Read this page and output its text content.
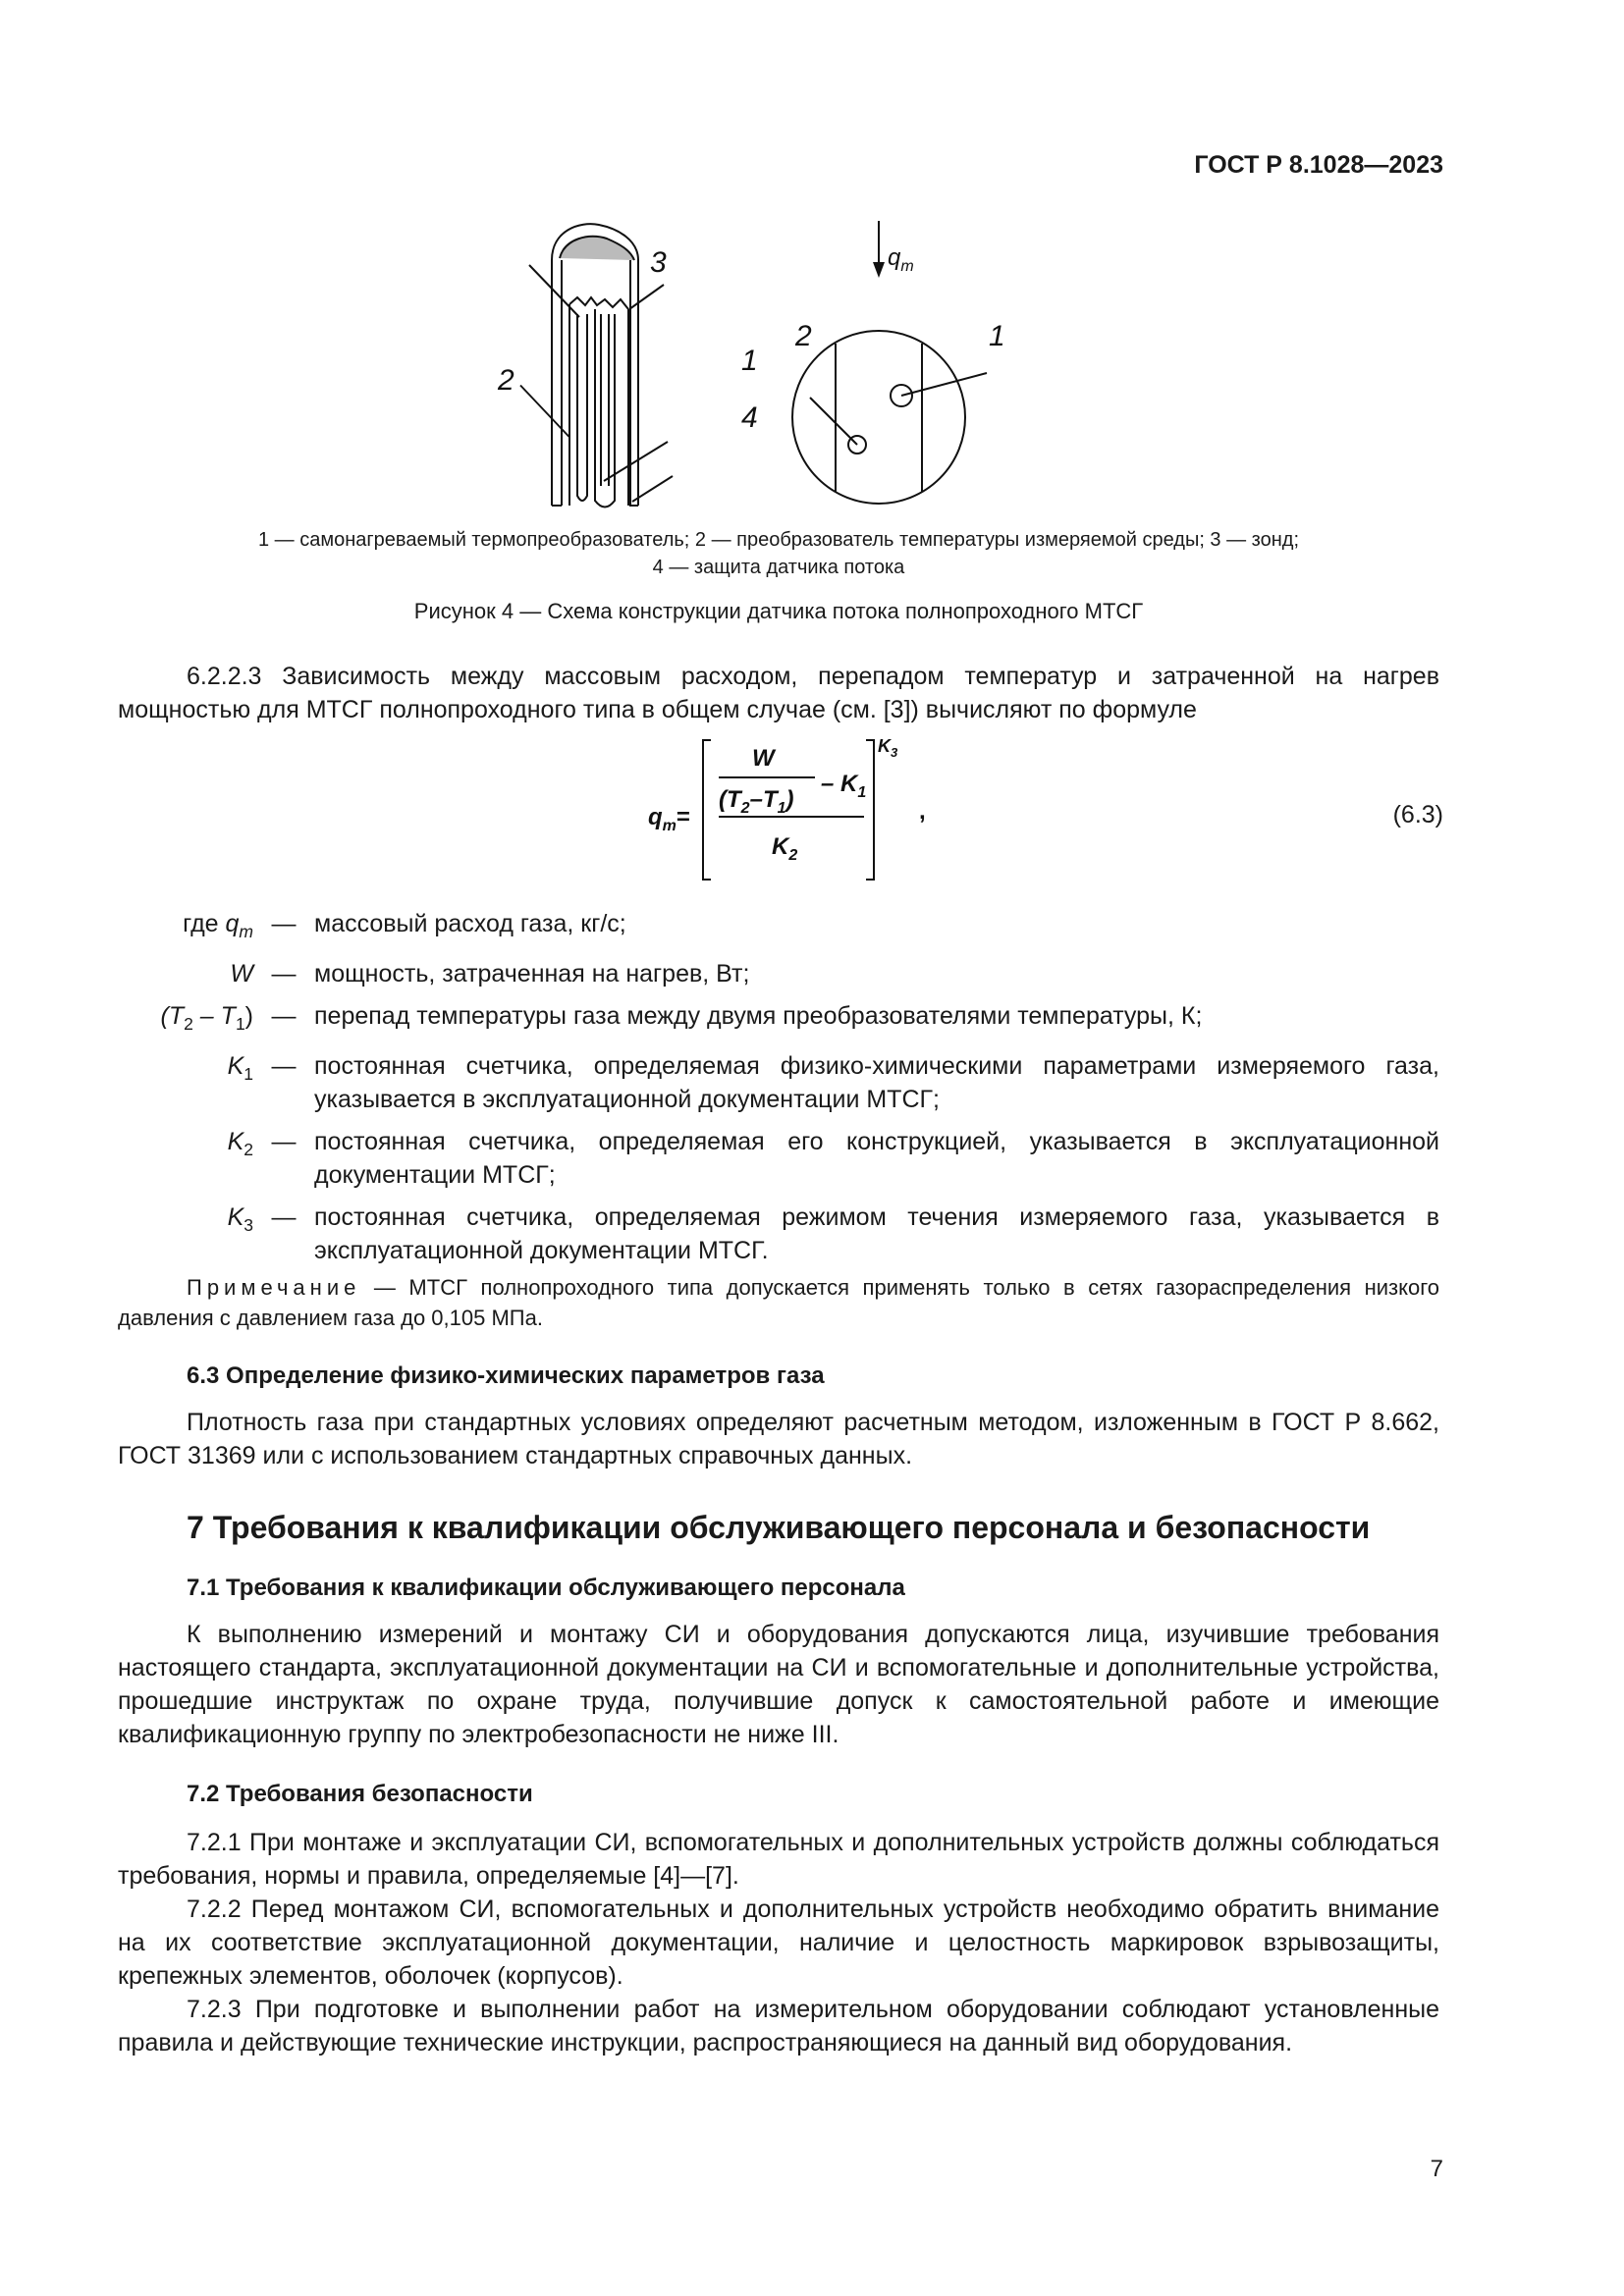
ГОСТ Р 8.1028—2023
3
1
2
4
1
2
$q_m$
1 — самонагреваемый термопреобразователь; 2 — преобразователь температуры измеряемой среды; 3 — зонд;
4 — защита датчика потока
Рисунок 4 — Схема конструкции датчика потока полнопроходного МТСГ
6.2.2.3 Зависимость между массовым расходом, перепадом температур и затраченной на нагрев мощностью для МТСГ полнопроходного типа в общем случае (см. [3]) вычисляют по формуле
$q_m=$
W
$(T_2-T_1)$
– $K_1$
$K_2$
$K_3$
,	(6.3)
где $q_m$ — массовый расход газа, кг/с;
W — мощность, затраченная на нагрев, Вт;
$(T_2 - T_1)$ — перепад температуры газа между двумя преобразователями температуры, К;
$K_1$ — постоянная счетчика, определяемая физико-химическими параметрами измеряемого газа, указывается в эксплуатационной документации МТСГ;
$K_2$ — постоянная счетчика, определяемая его конструкцией, указывается в эксплуатационной документации МТСГ;
$K_3$ — постоянная счетчика, определяемая режимом течения измеряемого газа, указывается в эксплуатационной документации МТСГ.
Примечание — МТСГ полнопроходного типа допускается применять только в сетях газораспределения низкого давления с давлением газа до 0,105 МПа.
6.3 Определение физико-химических параметров газа
Плотность газа при стандартных условиях определяют расчетным методом, изложенным в ГОСТ Р 8.662, ГОСТ 31369 или с использованием стандартных справочных данных.
7 Требования к квалификации обслуживающего персонала и безопасности
7.1 Требования к квалификации обслуживающего персонала
К выполнению измерений и монтажу СИ и оборудования допускаются лица, изучившие требования настоящего стандарта, эксплуатационной документации на СИ и вспомогательные и дополнительные устройства, прошедшие инструктаж по охране труда, получившие допуск к самостоятельной работе и имеющие квалификационную группу по электробезопасности не ниже III.
7.2 Требования безопасности
7.2.1 При монтаже и эксплуатации СИ, вспомогательных и дополнительных устройств должны соблюдаться требования, нормы и правила, определяемые [4]—[7].
7.2.2 Перед монтажом СИ, вспомогательных и дополнительных устройств необходимо обратить внимание на их соответствие эксплуатационной документации, наличие и целостность маркировок взрывозащиты, крепежных элементов, оболочек (корпусов).
7.2.3 При подготовке и выполнении работ на измерительном оборудовании соблюдают установленные правила и действующие технические инструкции, распространяющиеся на данный вид оборудования.
7
